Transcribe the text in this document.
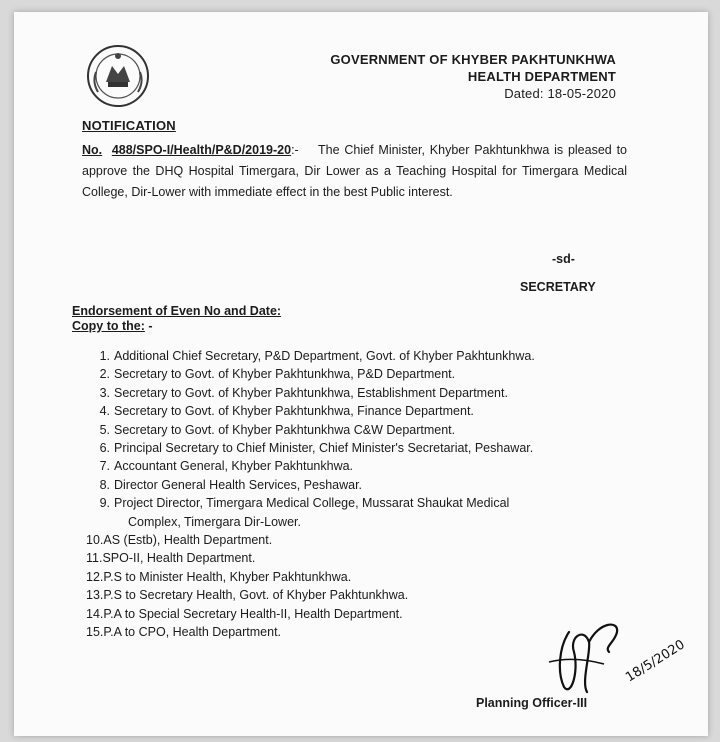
GOVERNMENT OF KHYBER PAKHTUNKHWA
HEALTH DEPARTMENT
Dated: 18-05-2020
NOTIFICATION
No. 488/SPO-I/Health/P&D/2019-20:- The Chief Minister, Khyber Pakhtunkhwa is pleased to approve the DHQ Hospital Timergara, Dir Lower as a Teaching Hospital for Timergara Medical College, Dir-Lower with immediate effect in the best Public interest.
-sd-
SECRETARY
Endorsement of Even No and Date:
Copy to the: -
1. Additional Chief Secretary, P&D Department, Govt. of Khyber Pakhtunkhwa.
2. Secretary to Govt. of Khyber Pakhtunkhwa, P&D Department.
3. Secretary to Govt. of Khyber Pakhtunkhwa, Establishment Department.
4. Secretary to Govt. of Khyber Pakhtunkhwa, Finance Department.
5. Secretary to Govt. of Khyber Pakhtunkhwa C&W Department.
6. Principal Secretary to Chief Minister, Chief Minister's Secretariat, Peshawar.
7. Accountant General, Khyber Pakhtunkhwa.
8. Director General Health Services, Peshawar.
9. Project Director, Timergara Medical College, Mussarat Shaukat Medical
Complex, Timergara Dir-Lower.
10.AS (Estb), Health Department.
11.SPO-II, Health Department.
12.P.S to Minister Health, Khyber Pakhtunkhwa.
13.P.S to Secretary Health, Govt. of Khyber Pakhtunkhwa.
14.P.A to Special Secretary Health-II, Health Department.
15.P.A to CPO, Health Department.
18/5/2020
Planning Officer-III
